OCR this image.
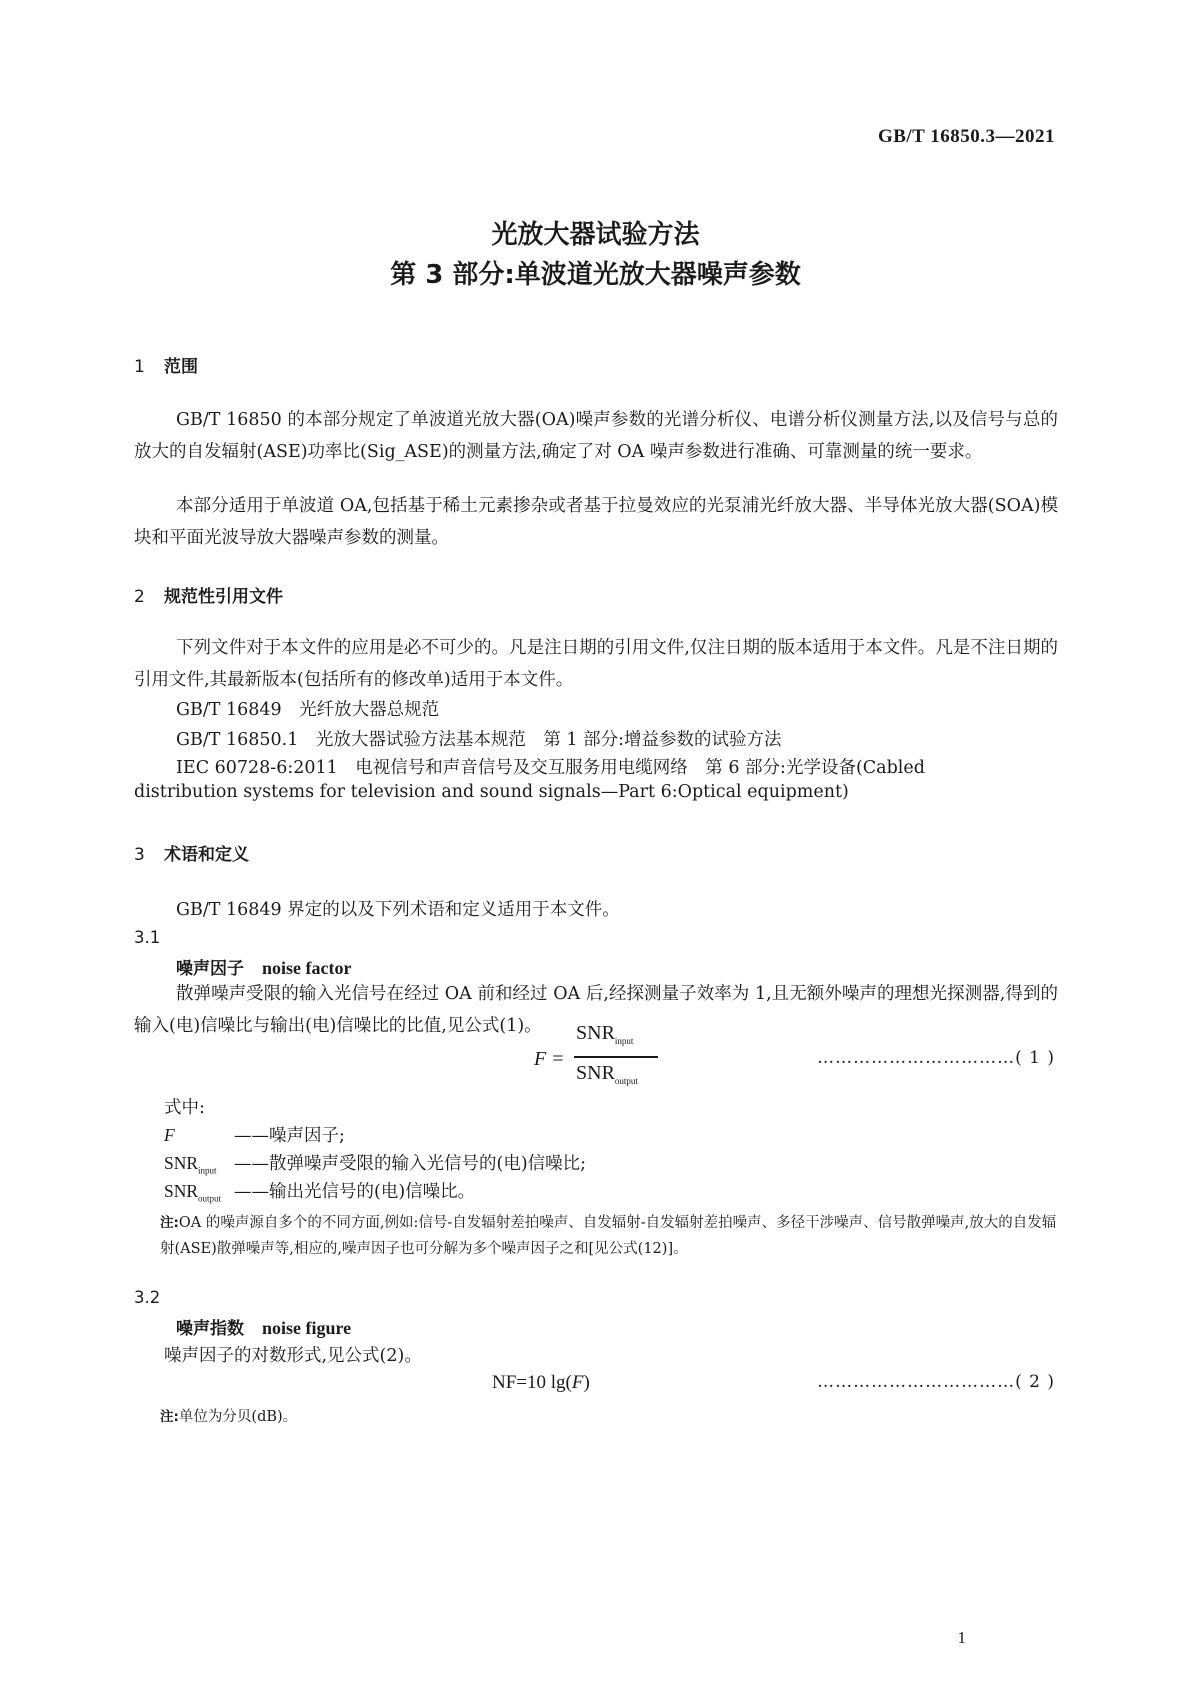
GB/T 16850.3—2021
光放大器试验方法
第 3 部分:单波道光放大器噪声参数
1 范围
GB/T 16850 的本部分规定了单波道光放大器(OA)噪声参数的光谱分析仪、电谱分析仪测量方法,以及信号与总的放大的自发辐射(ASE)功率比(Sig_ASE)的测量方法,确定了对 OA 噪声参数进行准确、可靠测量的统一要求。
本部分适用于单波道 OA,包括基于稀土元素掺杂或者基于拉曼效应的光泵浦光纤放大器、半导体光放大器(SOA)模块和平面光波导放大器噪声参数的测量。
2 规范性引用文件
下列文件对于本文件的应用是必不可少的。凡是注日期的引用文件,仅注日期的版本适用于本文件。凡是不注日期的引用文件,其最新版本(包括所有的修改单)适用于本文件。
GB/T 16849　光纤放大器总规范
GB/T 16850.1　光放大器试验方法基本规范　第 1 部分:增益参数的试验方法
IEC 60728-6:2011　电视信号和声音信号及交互服务用电缆网络　第 6 部分:光学设备(Cabled
distribution systems for television and sound signals—Part 6:Optical equipment)
3 术语和定义
GB/T 16849 界定的以及下列术语和定义适用于本文件。
3.1
噪声因子 noise factor
散弹噪声受限的输入光信号在经过 OA 前和经过 OA 后,经探测量子效率为 1,且无额外噪声的理想光探测器,得到的输入(电)信噪比与输出(电)信噪比的比值,见公式(1)。
F =
$SNR_{input}$
$SNR_{output}$
……………………………( 1 )
式中:
F	——噪声因子;
$SNR_{input}$ ——散弹噪声受限的输入光信号的(电)信噪比;
$SNR_{output}$ ——输出光信号的(电)信噪比。
注:OA 的噪声源自多个的不同方面,例如:信号-自发辐射差拍噪声、自发辐射-自发辐射差拍噪声、多径干涉噪声、信号散弹噪声,放大的自发辐射(ASE)散弹噪声等,相应的,噪声因子也可分解为多个噪声因子之和[见公式(12)]。
3.2
噪声指数 noise figure
噪声因子的对数形式,见公式(2)。
NF=10 lg(F)	……………………………( 2 )
注:单位为分贝(dB)。
1
